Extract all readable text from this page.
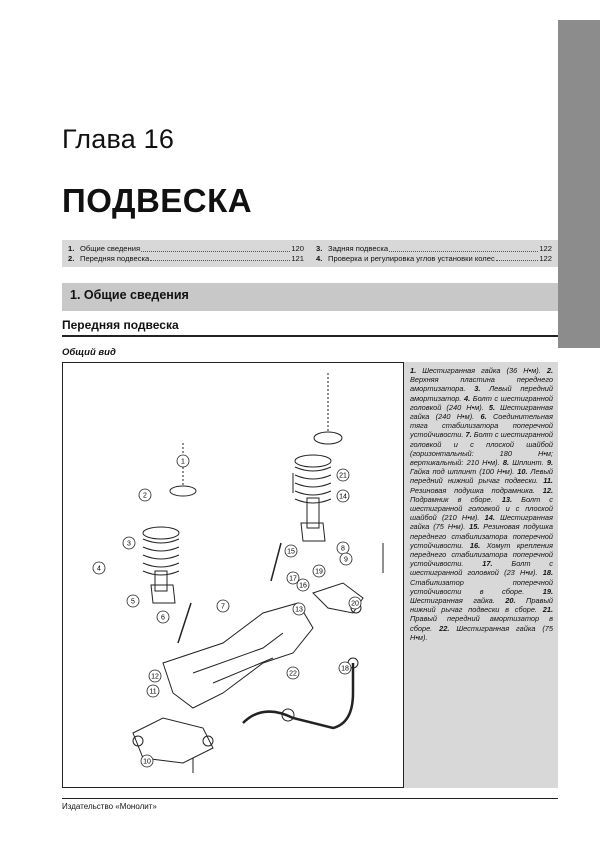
Глава 16
ПОДВЕСКА
1. Общие сведения	120
2. Передняя подвеска	121
3. Задняя подвеска	122
4. Проверка и регулировка углов установки колес	122
1. Общие сведения
Передняя подвеска
Общий вид
1
2
3
4
5
6
7
8
9
10
11
12
13
14
15
16
17
18
19
20
21
22
1. Шестигранная гайка (36 Н•м). 2. Верхняя пластина переднего амортизатора. 3. Левый передний амортизатор. 4. Болт с шестигранной головкой (240 Н•м). 5. Шестигранная гайка (240 Н•м). 6. Соединительная тяга стабилизатора поперечной устойчивости. 7. Болт с шестигранной головкой и с плоской шайбой (горизонтальный: 180 Н•м; вертикальный: 210 Н•м). 8. Шплинт. 9. Гайка под шплинт (100 Н•м). 10. Левый передний нижний рычаг подвески. 11. Резиновая подушка подрамника. 12. Подрамник в сборе. 13. Болт с шестигранной головкой и с плоской шайбой (210 Н•м). 14. Шестигранная гайка (75 Н•м). 15. Резиновая подушка переднего стабилизатора поперечной устойчивости. 16. Хомут крепления переднего стабилизатора поперечной устойчивости. 17. Болт с шестигранной головкой (23 Н•м). 18. Стабилизатор поперечной устойчивости в сборе. 19. Шестигранная гайка. 20. Правый нижний рычаг подвески в сборе. 21. Правый передний амортизатор в сборе. 22. Шестигранная гайка (75 Н•м).
Издательство «Монолит»
